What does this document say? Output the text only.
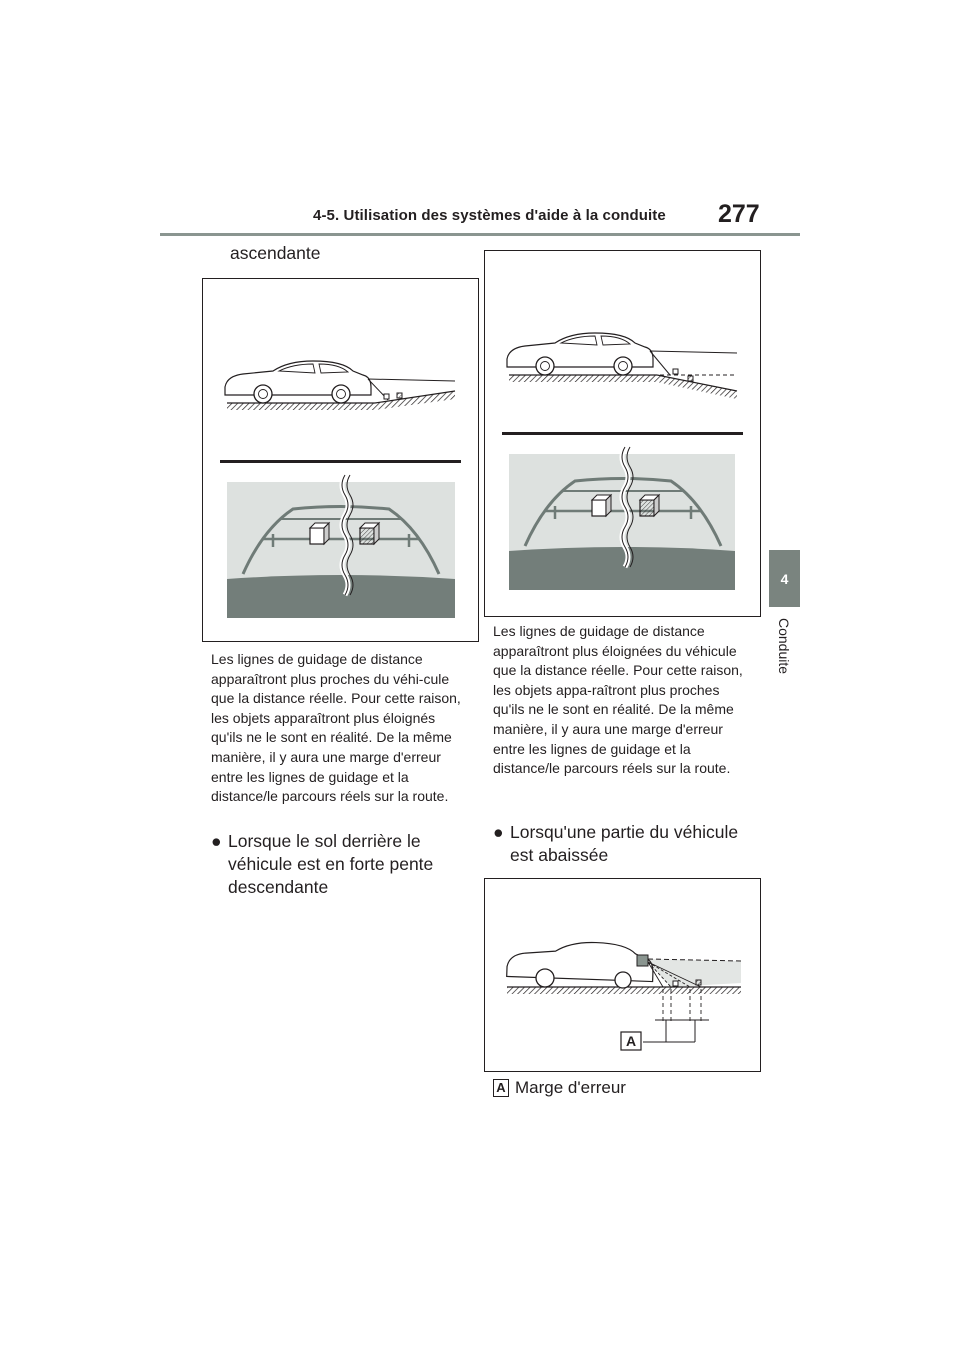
4-5. Utilisation des systèmes d'aide à la conduite 277
4
Conduite
ascendante
Les lignes de guidage de distance apparaîtront plus proches du véhi-cule que la distance réelle. Pour cette raison, les objets apparaîtront plus éloignés qu'ils ne le sont en réalité. De la même manière, il y aura une marge d'erreur entre les lignes de guidage et la distance/le parcours réels sur la route.
● Lorsque le sol derrière le véhicule est en forte pente descendante
Les lignes de guidage de distance apparaîtront plus éloignées du véhicule que la distance réelle. Pour cette raison, les objets appa-raîtront plus proches qu'ils ne le sont en réalité. De la même manière, il y aura une marge d'erreur entre les lignes de guidage et la distance/le parcours réels sur la route.
● Lorsqu'une partie du véhicule est abaissée
A
A Marge d'erreur
